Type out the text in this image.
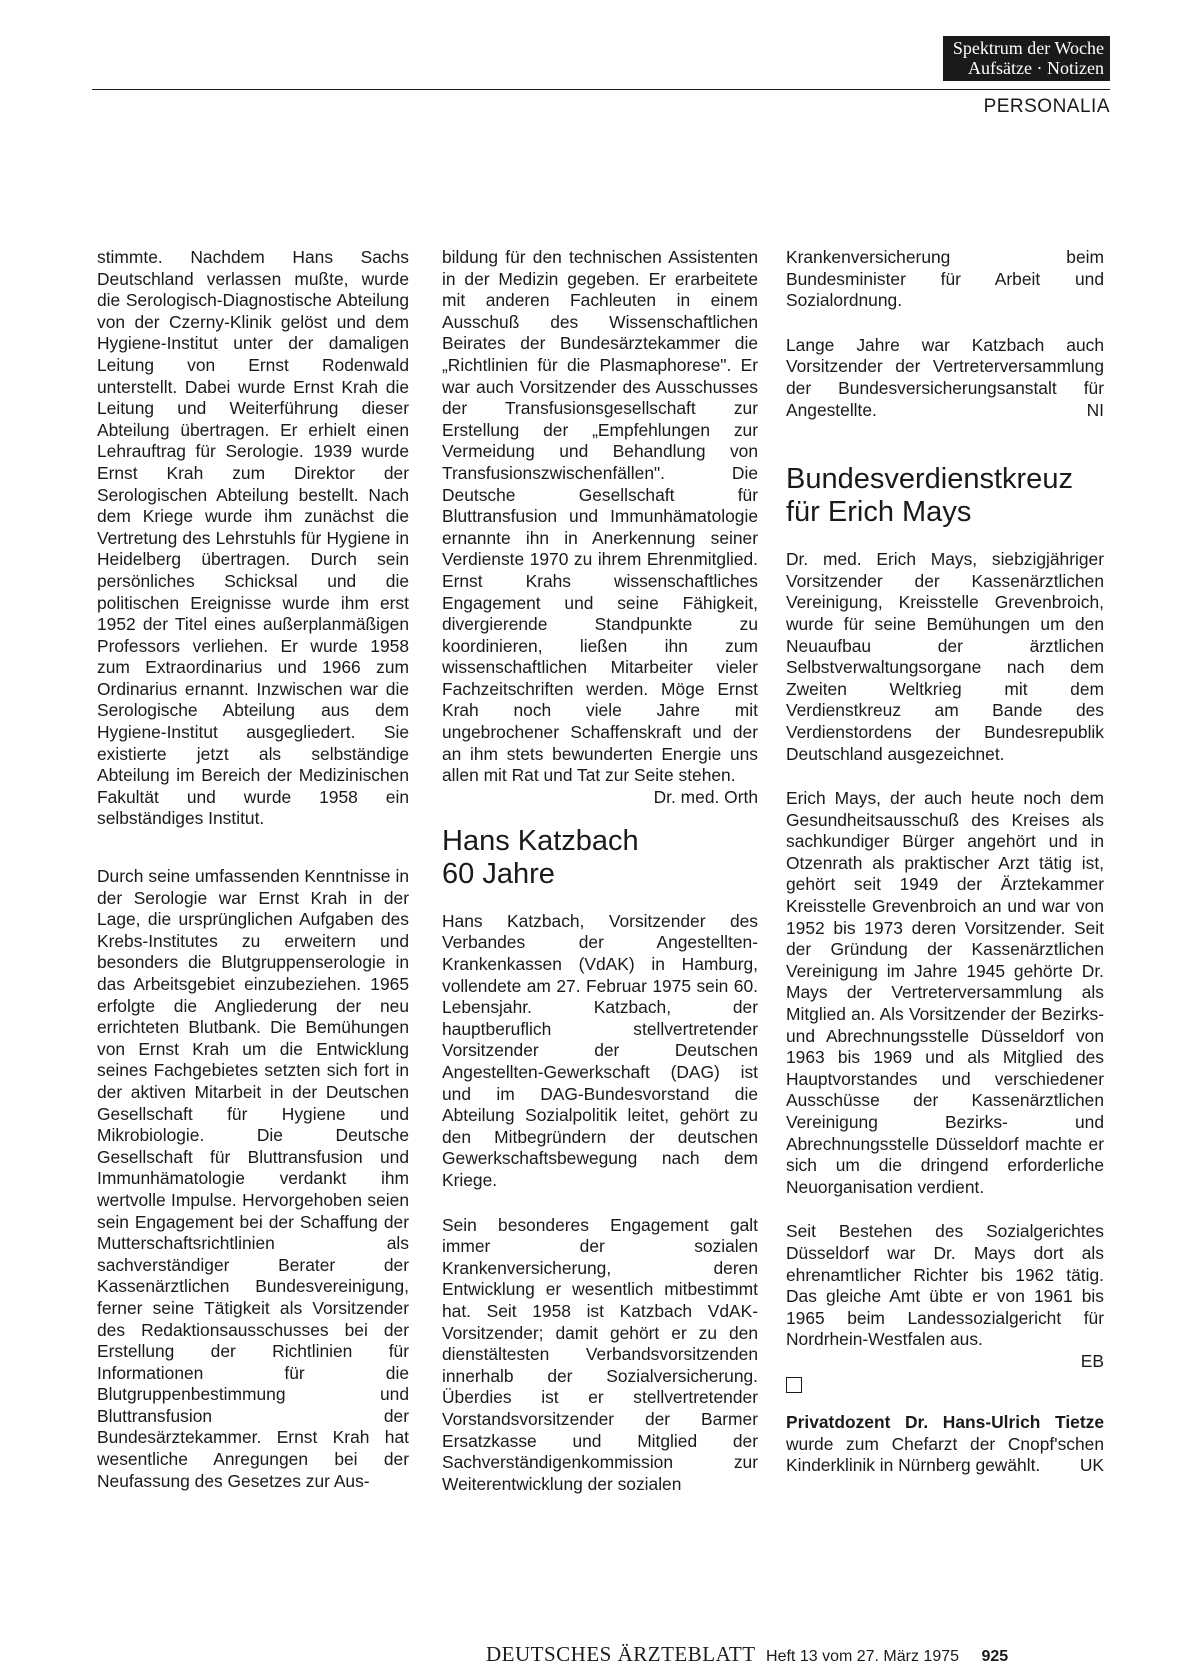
Spektrum der Woche
Aufsätze · Notizen
PERSONALIA

stimmte. Nachdem Hans Sachs Deutschland verlassen mußte, wurde die Serologisch-Diagnostische Abteilung von der Czerny-Klinik gelöst und dem Hygiene-Institut unter der damaligen Leitung von Ernst Rodenwald unterstellt. Dabei wurde Ernst Krah die Leitung und Weiterführung dieser Abteilung übertragen. Er erhielt einen Lehrauftrag für Serologie. 1939 wurde Ernst Krah zum Direktor der Serologischen Abteilung bestellt. Nach dem Kriege wurde ihm zunächst die Vertretung des Lehrstuhls für Hygiene in Heidelberg übertragen. Durch sein persönliches Schicksal und die politischen Ereignisse wurde ihm erst 1952 der Titel eines außerplanmäßigen Professors verliehen. Er wurde 1958 zum Extraordinarius und 1966 zum Ordinarius ernannt. Inzwischen war die Serologische Abteilung aus dem Hygiene-Institut ausgegliedert. Sie existierte jetzt als selbständige Abteilung im Bereich der Medizinischen Fakultät und wurde 1958 ein selbständiges Institut.

Durch seine umfassenden Kenntnisse in der Serologie war Ernst Krah in der Lage, die ursprünglichen Aufgaben des Krebs-Institutes zu erweitern und besonders die Blutgruppenserologie in das Arbeitsgebiet einzubeziehen. 1965 erfolgte die Angliederung der neu errichteten Blutbank. Die Bemühungen von Ernst Krah um die Entwicklung seines Fachgebietes setzten sich fort in der aktiven Mitarbeit in der Deutschen Gesellschaft für Hygiene und Mikrobiologie. Die Deutsche Gesellschaft für Bluttransfusion und Immunhämatologie verdankt ihm wertvolle Impulse. Hervorgehoben seien sein Engagement bei der Schaffung der Mutterschaftsrichtlinien als sachverständiger Berater der Kassenärztlichen Bundesvereinigung, ferner seine Tätigkeit als Vorsitzender des Redaktionsausschusses bei der Erstellung der Richtlinien für Informationen für die Blutgruppenbestimmung und Bluttransfusion der Bundesärztekammer. Ernst Krah hat wesentliche Anregungen bei der Neufassung des Gesetzes zur Aus-

bildung für den technischen Assistenten in der Medizin gegeben. Er erarbeitete mit anderen Fachleuten in einem Ausschuß des Wissenschaftlichen Beirates der Bundesärztekammer die „Richtlinien für die Plasmaphorese". Er war auch Vorsitzender des Ausschusses der Transfusionsgesellschaft zur Erstellung der „Empfehlungen zur Vermeidung und Behandlung von Transfusionszwischenfällen". Die Deutsche Gesellschaft für Bluttransfusion und Immunhämatologie ernannte ihn in Anerkennung seiner Verdienste 1970 zu ihrem Ehrenmitglied. Ernst Krahs wissenschaftliches Engagement und seine Fähigkeit, divergierende Standpunkte zu koordinieren, ließen ihn zum wissenschaftlichen Mitarbeiter vieler Fachzeitschriften werden. Möge Ernst Krah noch viele Jahre mit ungebrochener Schaffenskraft und der an ihm stets bewunderten Energie uns allen mit Rat und Tat zur Seite stehen.
Dr. med. Orth

Hans Katzbach
60 Jahre

Hans Katzbach, Vorsitzender des Verbandes der Angestellten-Krankenkassen (VdAK) in Hamburg, vollendete am 27. Februar 1975 sein 60. Lebensjahr. Katzbach, der hauptberuflich stellvertretender Vorsitzender der Deutschen Angestellten-Gewerkschaft (DAG) ist und im DAG-Bundesvorstand die Abteilung Sozialpolitik leitet, gehört zu den Mitbegründern der deutschen Gewerkschaftsbewegung nach dem Kriege.

Sein besonderes Engagement galt immer der sozialen Krankenversicherung, deren Entwicklung er wesentlich mitbestimmt hat. Seit 1958 ist Katzbach VdAK-Vorsitzender; damit gehört er zu den dienstältesten Verbandsvorsitzenden innerhalb der Sozialversicherung. Überdies ist er stellvertretender Vorstandsvorsitzender der Barmer Ersatzkasse und Mitglied der Sachverständigenkommission zur Weiterentwicklung der sozialen

Krankenversicherung beim Bundesminister für Arbeit und Sozialordnung.

Lange Jahre war Katzbach auch Vorsitzender der Vertreterversammlung der Bundesversicherungsanstalt für Angestellte.	NI

Bundesverdienstkreuz
für Erich Mays

Dr. med. Erich Mays, siebzigjähriger Vorsitzender der Kassenärztlichen Vereinigung, Kreisstelle Grevenbroich, wurde für seine Bemühungen um den Neuaufbau der ärztlichen Selbstverwaltungsorgane nach dem Zweiten Weltkrieg mit dem Verdienstkreuz am Bande des Verdienstordens der Bundesrepublik Deutschland ausgezeichnet.

Erich Mays, der auch heute noch dem Gesundheitsausschuß des Kreises als sachkundiger Bürger angehört und in Otzenrath als praktischer Arzt tätig ist, gehört seit 1949 der Ärztekammer Kreisstelle Grevenbroich an und war von 1952 bis 1973 deren Vorsitzender. Seit der Gründung der Kassenärztlichen Vereinigung im Jahre 1945 gehörte Dr. Mays der Vertreterversammlung als Mitglied an. Als Vorsitzender der Bezirks- und Abrechnungsstelle Düsseldorf von 1963 bis 1969 und als Mitglied des Hauptvorstandes und verschiedener Ausschüsse der Kassenärztlichen Vereinigung Bezirks- und Abrechnungsstelle Düsseldorf machte er sich um die dringend erforderliche Neuorganisation verdient.

Seit Bestehen des Sozialgerichtes Düsseldorf war Dr. Mays dort als ehrenamtlicher Richter bis 1962 tätig. Das gleiche Amt übte er von 1961 bis 1965 beim Landessozialgericht für Nordrhein-Westfalen aus.

EB

Privatdozent Dr. Hans-Ulrich Tietze wurde zum Chefarzt der Cnopf'schen Kinderklinik in Nürnberg gewählt. UK

DEUTSCHES ÄRZTEBLATT Heft 13 vom 27. März 1975 925
